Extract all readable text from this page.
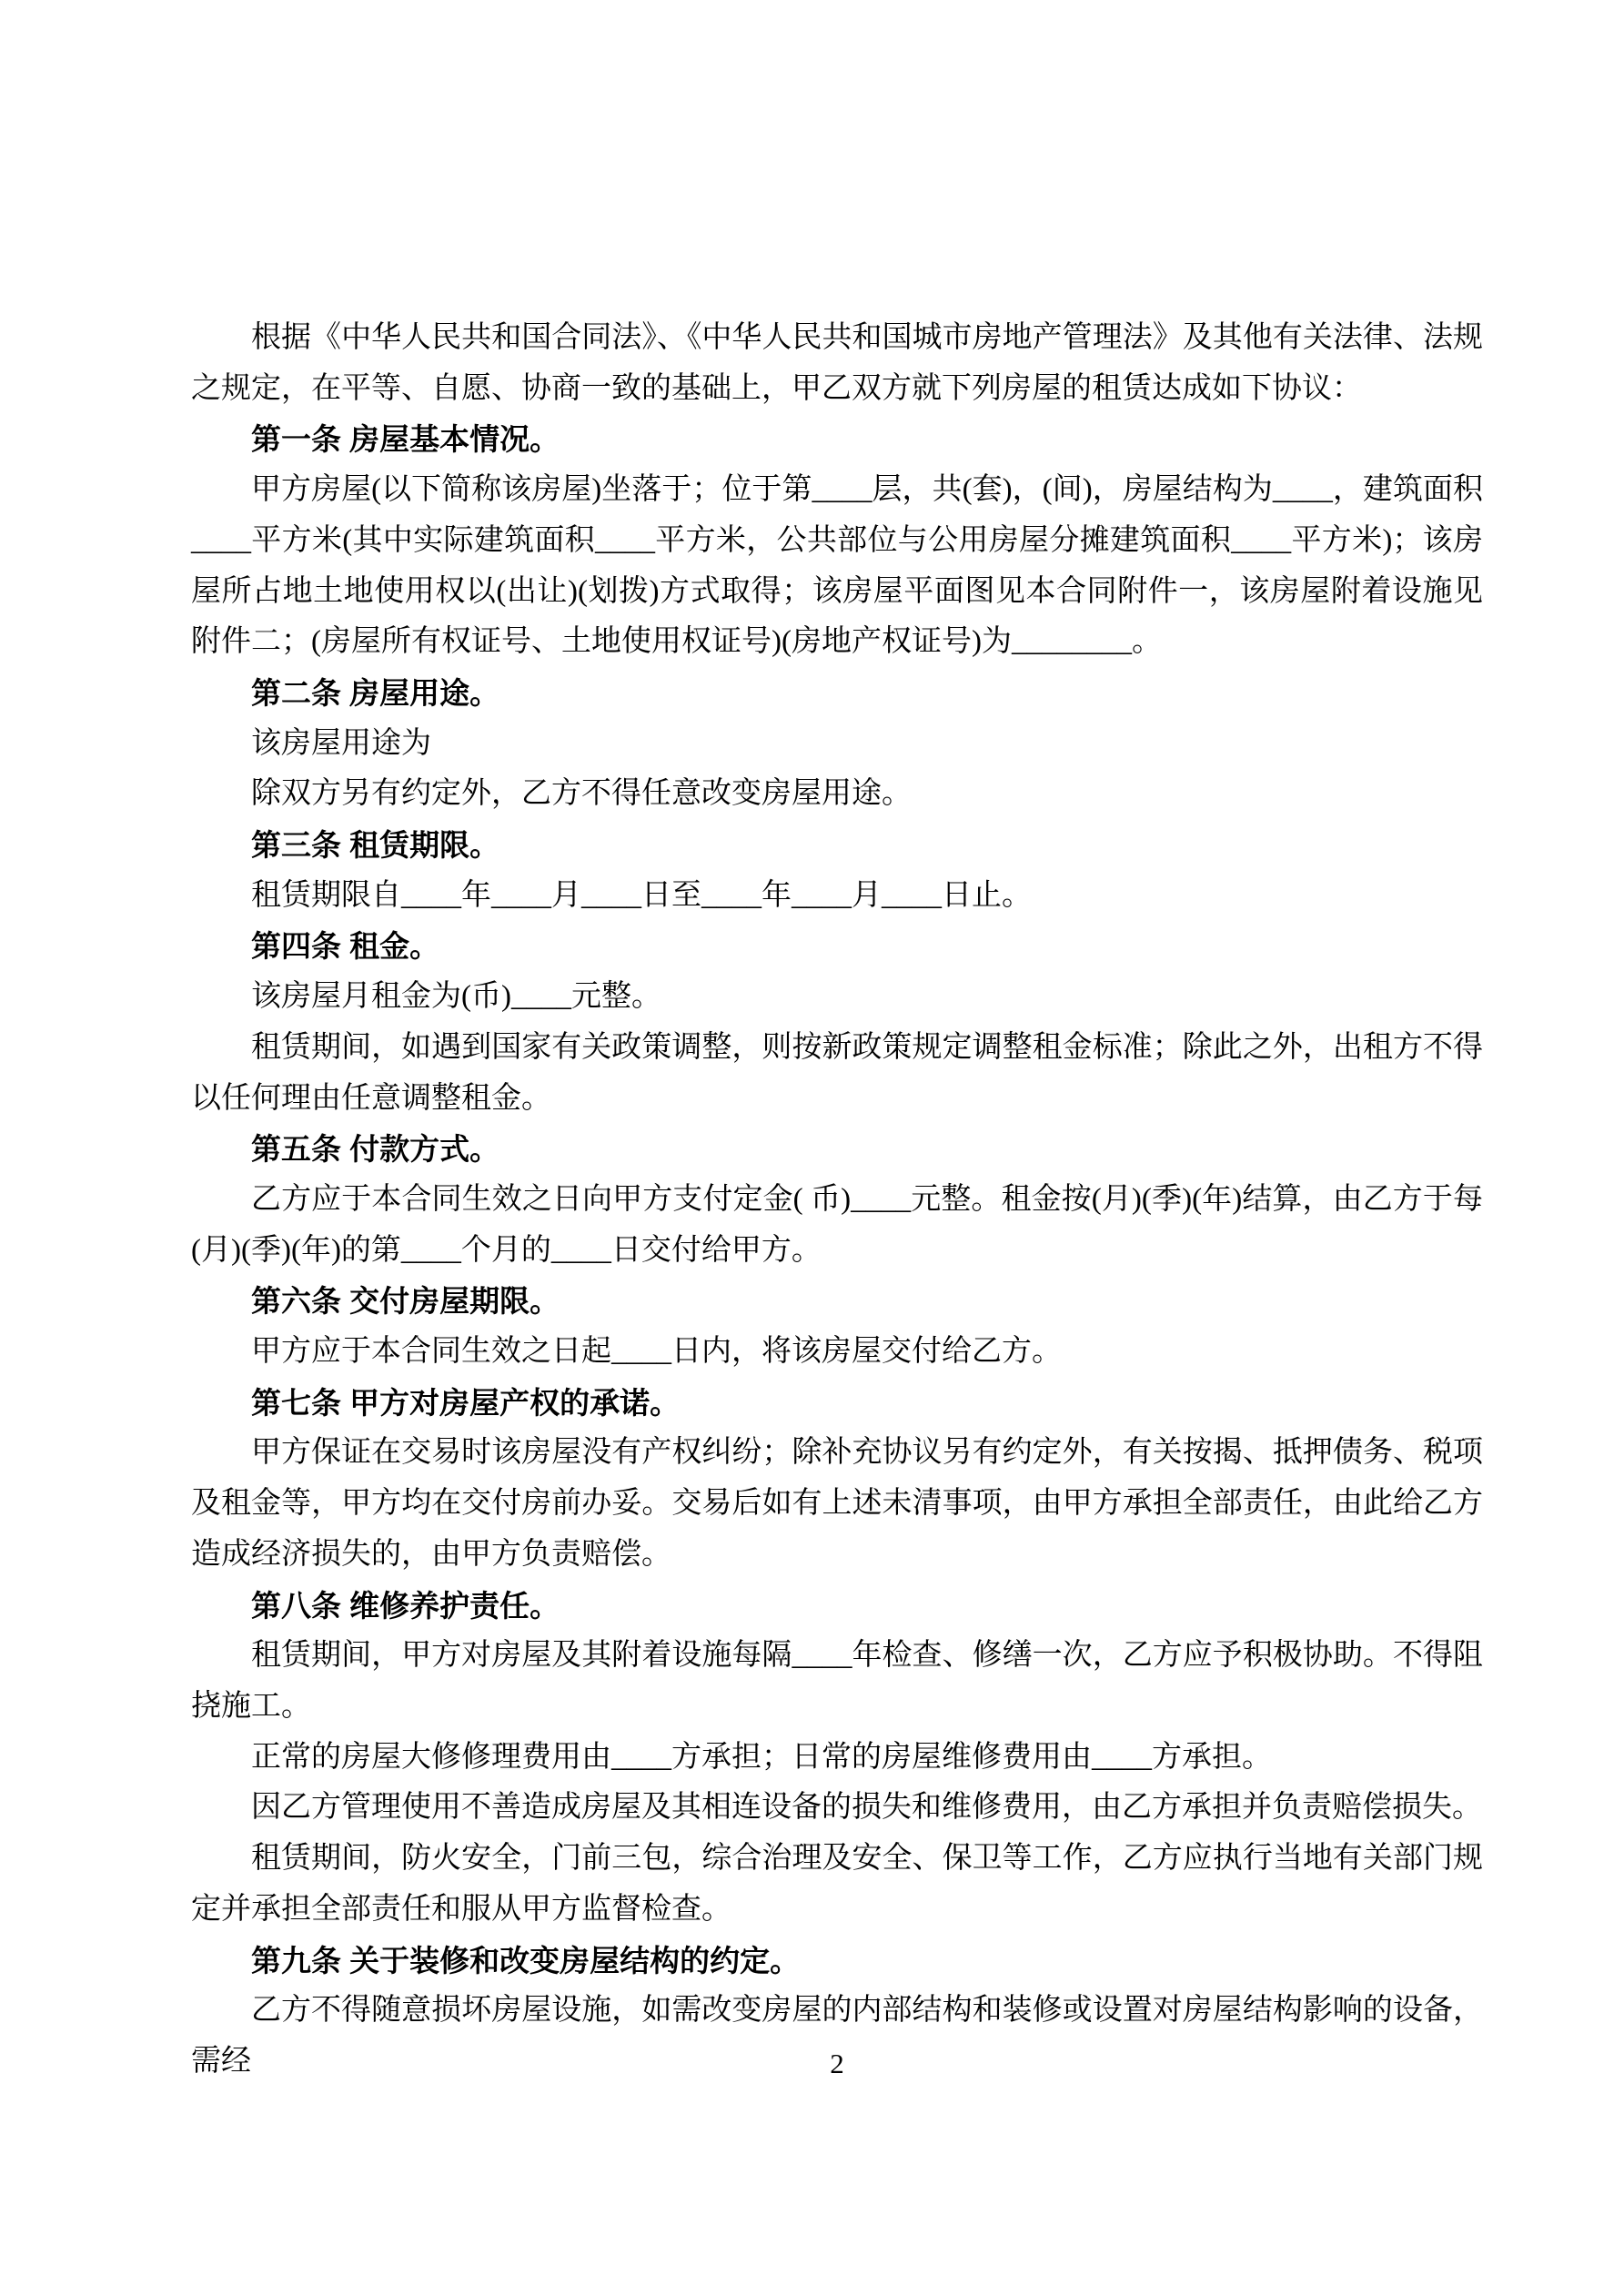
根据《中华人民共和国合同法》、《中华人民共和国城市房地产管理法》及其他有关法律、法规之规定，在平等、自愿、协商一致的基础上，甲乙双方就下列房屋的租赁达成如下协议：

第一条 房屋基本情况。

甲方房屋(以下简称该房屋)坐落于；位于第____层，共(套)，(间)，房屋结构为____，建筑面积____平方米(其中实际建筑面积____平方米，公共部位与公用房屋分摊建筑面积____平方米)；该房屋所占地土地使用权以(出让)(划拨)方式取得；该房屋平面图见本合同附件一，该房屋附着设施见附件二；(房屋所有权证号、土地使用权证号)(房地产权证号)为________。

第二条 房屋用途。

该房屋用途为

除双方另有约定外，乙方不得任意改变房屋用途。

第三条 租赁期限。

租赁期限自____年____月____日至____年____月____日止。

第四条 租金。

该房屋月租金为(币)____元整。

租赁期间，如遇到国家有关政策调整，则按新政策规定调整租金标准；除此之外，出租方不得以任何理由任意调整租金。

第五条 付款方式。

乙方应于本合同生效之日向甲方支付定金( 币)____元整。租金按(月)(季)(年)结算，由乙方于每(月)(季)(年)的第____个月的____日交付给甲方。

第六条 交付房屋期限。

甲方应于本合同生效之日起____日内，将该房屋交付给乙方。

第七条 甲方对房屋产权的承诺。

甲方保证在交易时该房屋没有产权纠纷；除补充协议另有约定外，有关按揭、抵押债务、税项及租金等，甲方均在交付房前办妥。交易后如有上述未清事项，由甲方承担全部责任，由此给乙方造成经济损失的，由甲方负责赔偿。

第八条 维修养护责任。

租赁期间，甲方对房屋及其附着设施每隔____年检查、修缮一次，乙方应予积极协助。不得阻挠施工。

正常的房屋大修修理费用由____方承担；日常的房屋维修费用由____方承担。

因乙方管理使用不善造成房屋及其相连设备的损失和维修费用，由乙方承担并负责赔偿损失。

租赁期间，防火安全，门前三包，综合治理及安全、保卫等工作，乙方应执行当地有关部门规定并承担全部责任和服从甲方监督检查。

第九条 关于装修和改变房屋结构的约定。

乙方不得随意损坏房屋设施，如需改变房屋的内部结构和装修或设置对房屋结构影响的设备，需经	2
